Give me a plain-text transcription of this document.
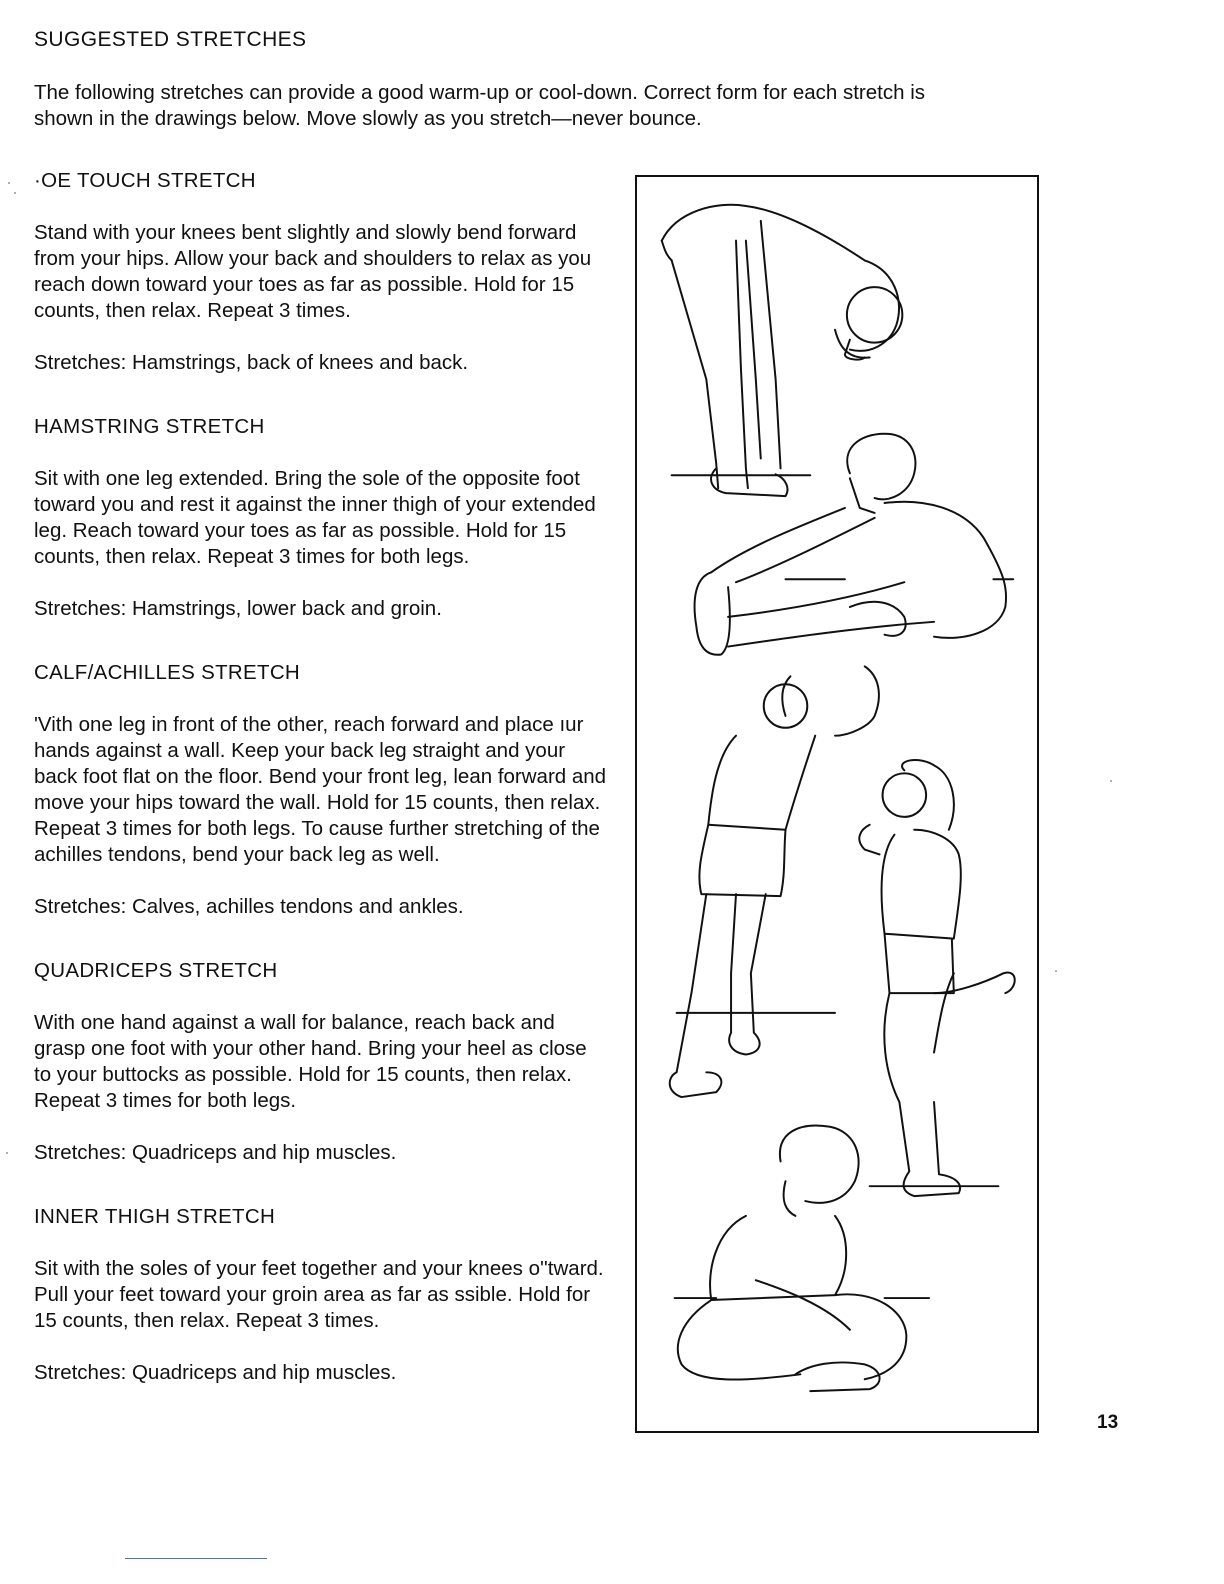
SUGGESTED STRETCHES

The following stretches can provide a good warm-up or cool-down. Correct form for each stretch is

shown in the drawings below. Move slowly as you stretch—never bounce.

·OE TOUCH STRETCH

Stand with your knees bent slightly and slowly bend forward from your hips. Allow your back and shoulders to relax as you reach down toward your toes as far as possible. Hold for 15 counts, then relax. Repeat 3 times.

Stretches: Hamstrings, back of knees and back.

HAMSTRING STRETCH

Sit with one leg extended. Bring the sole of the opposite foot toward you and rest it against the inner thigh of your extended leg. Reach toward your toes as far as possible. Hold for 15 counts, then relax. Repeat 3 times for both legs.

Stretches: Hamstrings, lower back and groin.

CALF/ACHILLES STRETCH

'Vith one leg in front of the other, reach forward and place ıur hands against a wall. Keep your back leg straight and your back foot flat on the floor. Bend your front leg, lean forward and move your hips toward the wall. Hold for 15 counts, then relax. Repeat 3 times for both legs. To cause further stretching of the achilles tendons, bend your back leg as well.

Stretches: Calves, achilles tendons and ankles.

QUADRICEPS STRETCH

With one hand against a wall for balance, reach back and grasp one foot with your other hand. Bring your heel as close to your buttocks as possible. Hold for 15 counts, then relax. Repeat 3 times for both legs.

Stretches: Quadriceps and hip muscles.

INNER THIGH STRETCH

Sit with the soles of your feet together and your knees o''tward. Pull your feet toward your groin area as far as ssible. Hold for 15 counts, then relax. Repeat 3 times.

Stretches: Quadriceps and hip muscles.

13
